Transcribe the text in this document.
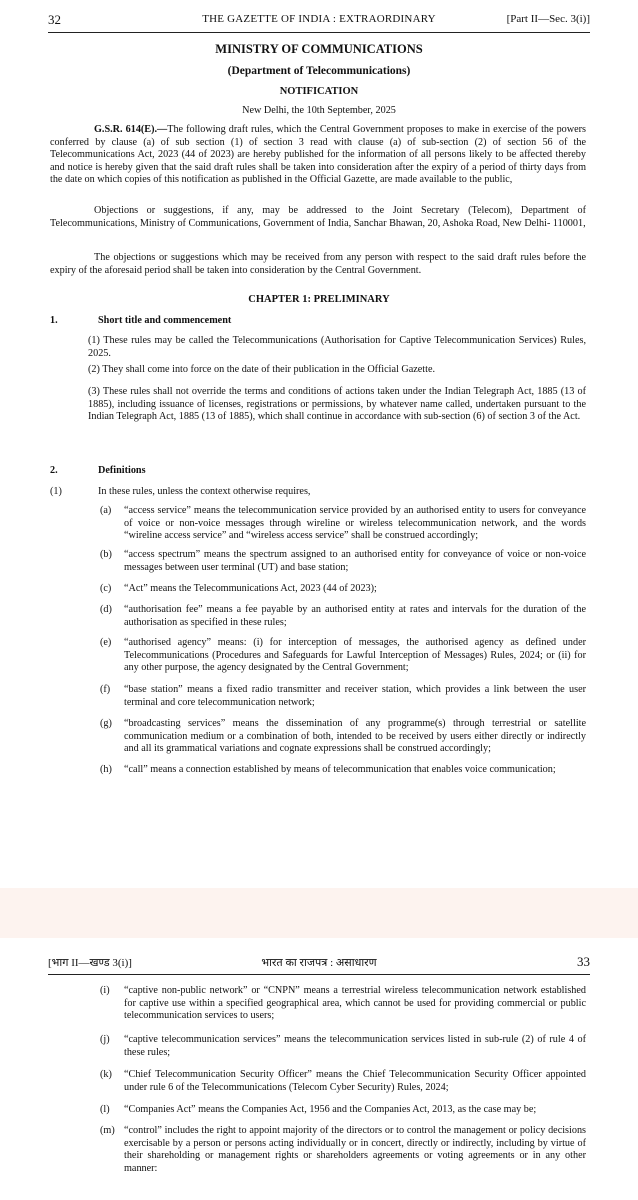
32	THE GAZETTE OF INDIA : EXTRAORDINARY	[Part II—Sec. 3(i)]
MINISTRY OF COMMUNICATIONS
(Department of Telecommunications)
NOTIFICATION
New Delhi, the 10th September, 2025
G.S.R. 614(E).—The following draft rules, which the Central Government proposes to make in exercise of the powers conferred by clause (a) of sub section (1) of section 3 read with clause (a) of sub-section (2) of section 56 of the Telecommunications Act, 2023 (44 of 2023) are hereby published for the information of all persons likely to be affected thereby and notice is hereby given that the said draft rules shall be taken into consideration after the expiry of a period of thirty days from the date on which copies of this notification as published in the Official Gazette, are made available to the public,
Objections or suggestions, if any, may be addressed to the Joint Secretary (Telecom), Department of Telecommunications, Ministry of Communications, Government of India, Sanchar Bhawan, 20, Ashoka Road, New Delhi- 110001,
The objections or suggestions which may be received from any person with respect to the said draft rules before the expiry of the aforesaid period shall be taken into consideration by the Central Government.
CHAPTER 1: PRELIMINARY
1.	Short title and commencement
(1) These rules may be called the Telecommunications (Authorisation for Captive Telecommunication Services) Rules, 2025.
(2) They shall come into force on the date of their publication in the Official Gazette.
(3) These rules shall not override the terms and conditions of actions taken under the Indian Telegraph Act, 1885 (13 of 1885), including issuance of licenses, registrations or permissions, by whatever name called, undertaken pursuant to the Indian Telegraph Act, 1885 (13 of 1885), which shall continue in accordance with sub-section (6) of section 3 of the Act.
2.	Definitions
(1)	In these rules, unless the context otherwise requires,
(a)	“access service” means the telecommunication service provided by an authorised entity to users for conveyance of voice or non-voice messages through wireline or wireless telecommunication network, and the words “wireline access service” and “wireless access service” shall be construed accordingly;
(b)	“access spectrum” means the spectrum assigned to an authorised entity for conveyance of voice or non-voice messages between user terminal (UT) and base station;
(c)	“Act” means the Telecommunications Act, 2023 (44 of 2023);
(d)	“authorisation fee” means a fee payable by an authorised entity at rates and intervals for the duration of the authorisation as specified in these rules;
(e)	“authorised agency” means: (i) for interception of messages, the authorised agency as defined under Telecommunications (Procedures and Safeguards for Lawful Interception of Messages) Rules, 2024; or (ii) for any other purpose, the agency designated by the Central Government;
(f)	“base station” means a fixed radio transmitter and receiver station, which provides a link between the user terminal and core telecommunication network;
(g)	“broadcasting services” means the dissemination of any programme(s) through terrestrial or satellite communication medium or a combination of both, intended to be received by users either directly or indirectly and all its grammatical variations and cognate expressions shall be construed accordingly;
(h)	“call” means a connection established by means of telecommunication that enables voice communication;
[भाग II—खण्ड 3(i)]	भारत का राजपत्र : असाधारण	33
(i)	“captive non-public network” or “CNPN” means a terrestrial wireless telecommunication network established for captive use within a specified geographical area, which cannot be used for providing commercial or public telecommunication services to users;
(j)	“captive telecommunication services” means the telecommunication services listed in sub-rule (2) of rule 4 of these rules;
(k)	“Chief Telecommunication Security Officer” means the Chief Telecommunication Security Officer appointed under rule 6 of the Telecommunications (Telecom Cyber Security) Rules, 2024;
(l)	“Companies Act” means the Companies Act, 1956 and the Companies Act, 2013, as the case may be;
(m) “control” includes the right to appoint majority of the directors or to control the management or policy decisions exercisable by a person or persons acting individually or in concert, directly or indirectly, including by virtue of their shareholding or management rights or shareholders agreements or voting agreements or in any other manner:
